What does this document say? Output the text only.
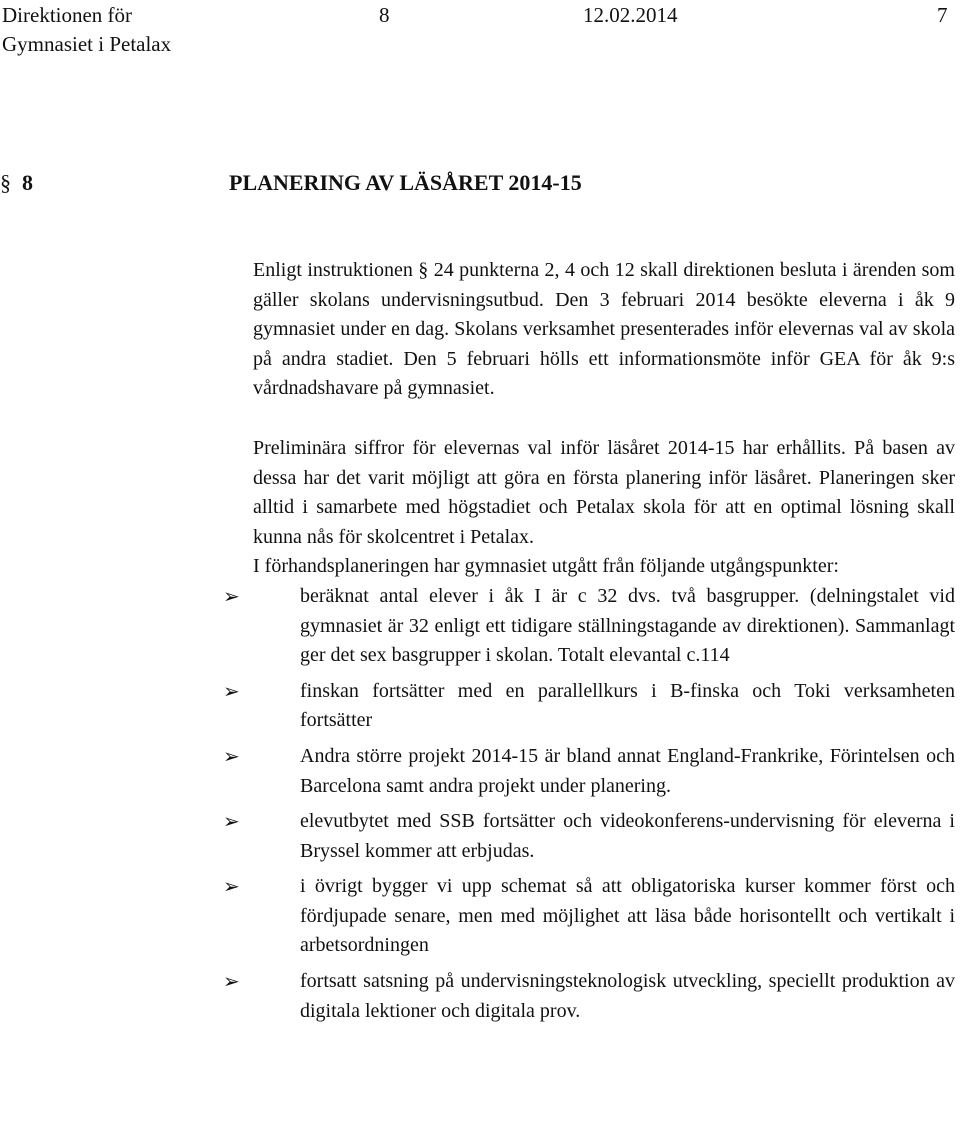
Direktionen för
Gymnasiet i Petalax
8	12.02.2014	7
§ 8	PLANERING AV LÄSÅRET 2014-15

Enligt instruktionen § 24 punkterna 2, 4 och 12 skall direktionen besluta i ärenden som gäller skolans undervisningsutbud. Den 3 februari 2014 besökte eleverna i åk 9 gymnasiet under en dag. Skolans verksamhet presenterades inför elevernas val av skola på andra stadiet. Den 5 februari hölls ett informationsmöte inför GEA för åk 9:s vårdnadshavare på gymnasiet.

Preliminära siffror för elevernas val inför läsåret 2014-15 har erhållits. På basen av dessa har det varit möjligt att göra en första planering inför läsåret. Planeringen sker alltid i samarbete med högstadiet och Petalax skola för att en optimal lösning skall kunna nås för skolcentret i Petalax.

I förhandsplaneringen har gymnasiet utgått från följande utgångspunkter:

➢	beräknat antal elever i åk I är c 32 dvs. två basgrupper. (delningstalet vid gymnasiet är 32 enligt ett tidigare ställningstagande av direktionen). Sammanlagt ger det sex basgrupper i skolan. Totalt elevantal c.114
➢	finskan fortsätter med en parallellkurs i B-finska och Toki verksamheten fortsätter
➢	Andra större projekt 2014-15 är bland annat England-Frankrike, Förintelsen och Barcelona samt andra projekt under planering.
➢	elevutbytet med SSB fortsätter och videokonferens-undervisning för eleverna i Bryssel kommer att erbjudas.
➢	i övrigt bygger vi upp schemat så att obligatoriska kurser kommer först och fördjupade senare, men med möjlighet att läsa både horisontellt och vertikalt i arbetsordningen
➢	fortsatt satsning på undervisningsteknologisk utveckling, speciellt produktion av digitala lektioner och digitala prov.
